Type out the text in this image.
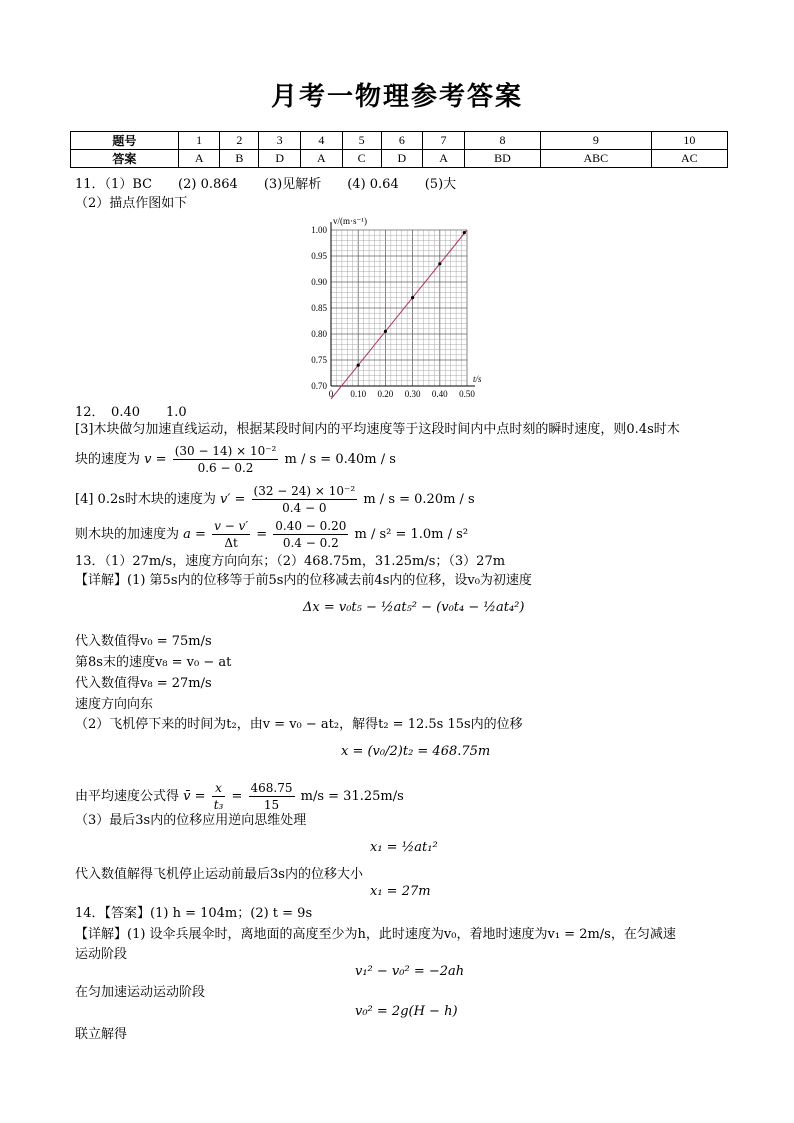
月考一物理参考答案
题号	1	2	3	4	5	6	7	8	9	10
答案	A	B	D	A	C	D	A	BD	ABC	AC
11．（1）BC　　(2) 0.864　　(3)见解析　　(4) 0.64　　(5)大
（2）描点作图如下
0 0.10 0.20 0.30 0.40 0.50
0.70
0.75
0.80
0.85
0.90
0.95
1.00
t/s
v/(m·s⁻¹)
12．　0.40　　1.0
[3]木块做匀加速直线运动，根据某段时间内的平均速度等于这段时间内中点时刻的瞬时速度，则0.4s时木
块的速度为 $v = \frac{\text{(30 − 14) × 10⁻²}}{0.6 - 0.2}$ m / s = 0.40m / s
[4] 0.2s时木块的速度为 $v' = \frac{\text{(32 − 24) × 10⁻²}}{0.4 - 0}$ m / s = 0.20m / s
则木块的加速度为 $a = \frac{v - v'}{\Delta t} = \frac{0.40 - 0.20}{0.4 - 0.2}$ m / s² = 1.0m / s²
13．（1）27m/s，速度方向向东；（2）468.75m，31.25m/s；（3）27m
【详解】(1) 第5s内的位移等于前5s内的位移减去前4s内的位移，设v₀为初速度
Δx = v₀t₅ − ½at₅² − (v₀t₄ − ½at₄²)
代入数值得v₀ = 75m/s
第8s末的速度v₈ = v₀ − at
代入数值得v₈ = 27m/s
速度方向向东
（2）飞机停下来的时间为t₂，由v = v₀ − at₂，解得t₂ = 12.5s 15s内的位移
x = (v₀/2)t₂ = 468.75m
由平均速度公式得 v̄ = $\frac{x}{\text{t₃}} = \frac{468.75}{15} m/s = 31.25m/s$
（3）最后3s内的位移应用逆向思维处理
x₁ = ½at₁²
代入数值解得飞机停止运动前最后3s内的位移大小
x₁ = 27m
14．【答案】(1) h = 104m；(2) t = 9s
【详解】(1) 设伞兵展伞时，离地面的高度至少为h，此时速度为v₀，着地时速度为v₁ = 2m/s，在匀减速
运动阶段
v₁² − v₀² = −2ah
在匀加速运动运动阶段
v₀² = 2g(H − h)
联立解得
